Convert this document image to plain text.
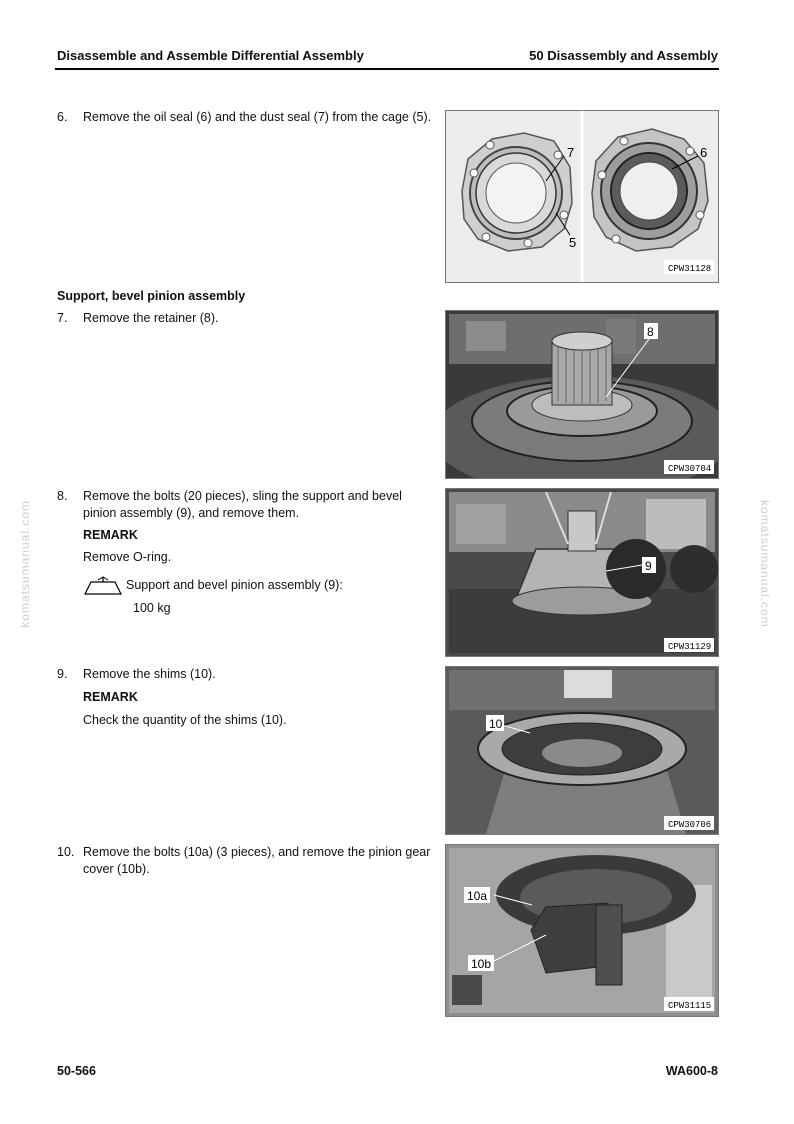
Disassemble and Assemble Differential Assembly	50 Disassembly and Assembly
komatsumanual.com	komatsumanual.com
6. Remove the oil seal (6) and the dust seal (7) from the cage (5).
7
5
6
CPW31128
Support, bevel pinion assembly
7. Remove the retainer (8).
8
CPW30704
8. Remove the bolts (20 pieces), sling the support and bevel pinion assembly (9), and remove them.
REMARK
Remove O-ring.
Support and bevel pinion assembly (9):
100 kg
9
CPW31129
9. Remove the shims (10).
REMARK
Check the quantity of the shims (10).	10
CPW30706
10. Remove the bolts (10a) (3 pieces), and remove the pinion gear cover (10b).
10a
10b
CPW31115
50-566	WA600-8
